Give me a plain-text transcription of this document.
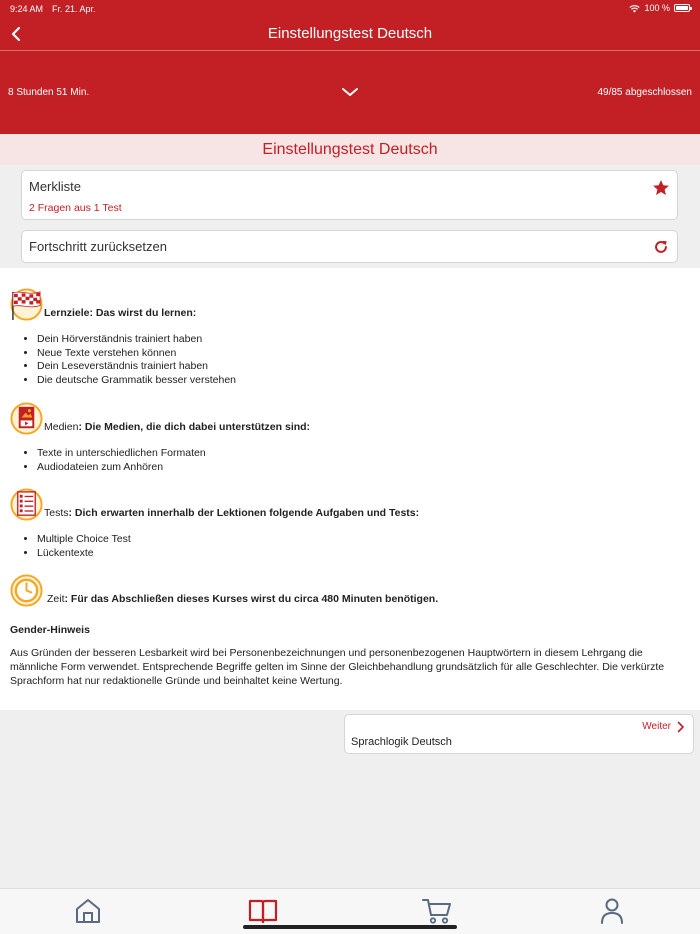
9:24 AM Fr. 21. Apr.	100 %
Einstellungstest Deutsch
8 Stunden 51 Min.	49/85 abgeschlossen
Einstellungstest Deutsch
Merkliste
2 Fragen aus 1 Test
Fortschritt zurücksetzen
Lernziele: Das wirst du lernen:
• Dein Hörverständnis trainiert haben
• Neue Texte verstehen können
• Dein Leseverständnis trainiert haben
• Die deutsche Grammatik besser verstehen
Medien: Die Medien, die dich dabei unterstützen sind:
• Texte in unterschiedlichen Formaten
• Audiodateien zum Anhören
Tests: Dich erwarten innerhalb der Lektionen folgende Aufgaben und Tests:
• Multiple Choice Test
• Lückentexte
Zeit: Für das Abschließen dieses Kurses wirst du circa 480 Minuten benötigen.
Gender-Hinweis
Aus Gründen der besseren Lesbarkeit wird bei Personenbezeichnungen und personenbezogenen Hauptwörtern in diesem Lehrgang die männliche Form verwendet. Entsprechende Begriffe gelten im Sinne der Gleichbehandlung grundsätzlich für alle Geschlechter. Die verkürzte Sprachform hat nur redaktionelle Gründe und beinhaltet keine Wertung.
Weiter
Sprachlogik Deutsch
